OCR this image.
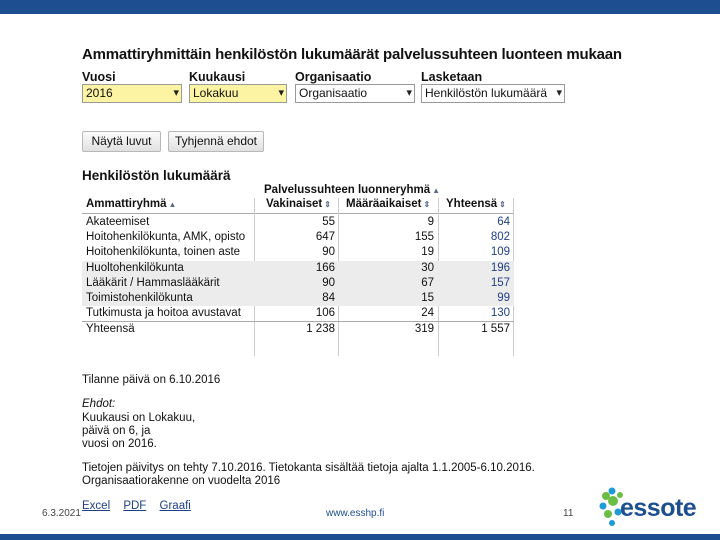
Ammattiryhmittäin henkilöstön lukumäärät palvelussuhteen luonteen mukaan
Vuosi
2016	▾
Kuukausi
Lokakuu	▾
Organisaatio
Organisaatio	▾
Lasketaan
Henkilöstön lukumäärä ▾
Näytä luvut	Tyhjennä ehdot
Henkilöstön lukumäärä
Palvelussuhteen luonneryhmä ▲
Ammattiryhmä ▲	Vakinaiset ⇕ Määräaikaiset ⇕ Yhteensä ⇕
Akateemiset	55	9	64
Hoitohenkilökunta, AMK, opisto	647	155	802
Hoitohenkilökunta, toinen aste	90	19	109
Huoltohenkilökunta	166	30	196
Lääkärit / Hammaslääkärit	90	67	157
Toimistohenkilökunta	84	15	99
Tutkimusta ja hoitoa avustavat	106	24	130
Yhteensä	1 238	319	1 557
Tilanne päivä on 6.10.2016
Ehdot:
Kuukausi on Lokakuu,
päivä on 6, ja
vuosi on 2016.
Tietojen päivitys on tehty 7.10.2016. Tietokanta sisältää tietoja ajalta 1.1.2005-6.10.2016.
Organisaatiorakenne on vuodelta 2016
Excel PDF Graafi
6.3.2021	www.esshp.fi	11 essote
